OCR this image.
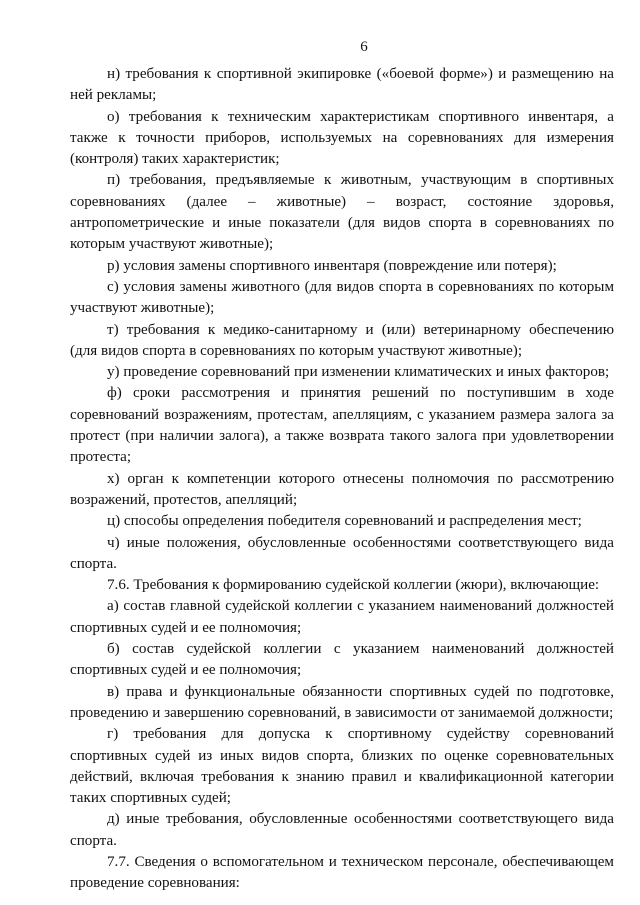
6

н) требования к спортивной экипировке («боевой форме») и размещению на ней рекламы;

о) требования к техническим характеристикам спортивного инвентаря, а также к точности приборов, используемых на соревнованиях для измерения (контроля) таких характеристик;

п) требования, предъявляемые к животным, участвующим в спортивных соревнованиях (далее – животные) – возраст, состояние здоровья, антропометрические и иные показатели (для видов спорта в соревнованиях по которым участвуют животные);

р) условия замены спортивного инвентаря (повреждение или потеря);

с) условия замены животного (для видов спорта в соревнованиях по которым участвуют животные);

т) требования к медико-санитарному и (или) ветеринарному обеспечению (для видов спорта в соревнованиях по которым участвуют животные);

у) проведение соревнований при изменении климатических и иных факторов;

ф) сроки рассмотрения и принятия решений по поступившим в ходе соревнований возражениям, протестам, апелляциям, с указанием размера залога за протест (при наличии залога), а также возврата такого залога при удовлетворении протеста;

х) орган к компетенции которого отнесены полномочия по рассмотрению возражений, протестов, апелляций;

ц) способы определения победителя соревнований и распределения мест;

ч) иные положения, обусловленные особенностями соответствующего вида спорта.

7.6. Требования к формированию судейской коллегии (жюри), включающие:

а) состав главной судейской коллегии с указанием наименований должностей спортивных судей и ее полномочия;

б) состав судейской коллегии с указанием наименований должностей спортивных судей и ее полномочия;

в) права и функциональные обязанности спортивных судей по подготовке, проведению и завершению соревнований, в зависимости от занимаемой должности;

г) требования для допуска к спортивному судейству соревнований спортивных судей из иных видов спорта, близких по оценке соревновательных действий, включая требования к знанию правил и квалификационной категории таких спортивных судей;

д) иные требования, обусловленные особенностями соответствующего вида спорта.

7.7. Сведения о вспомогательном и техническом персонале, обеспечивающем проведение соревнования:
